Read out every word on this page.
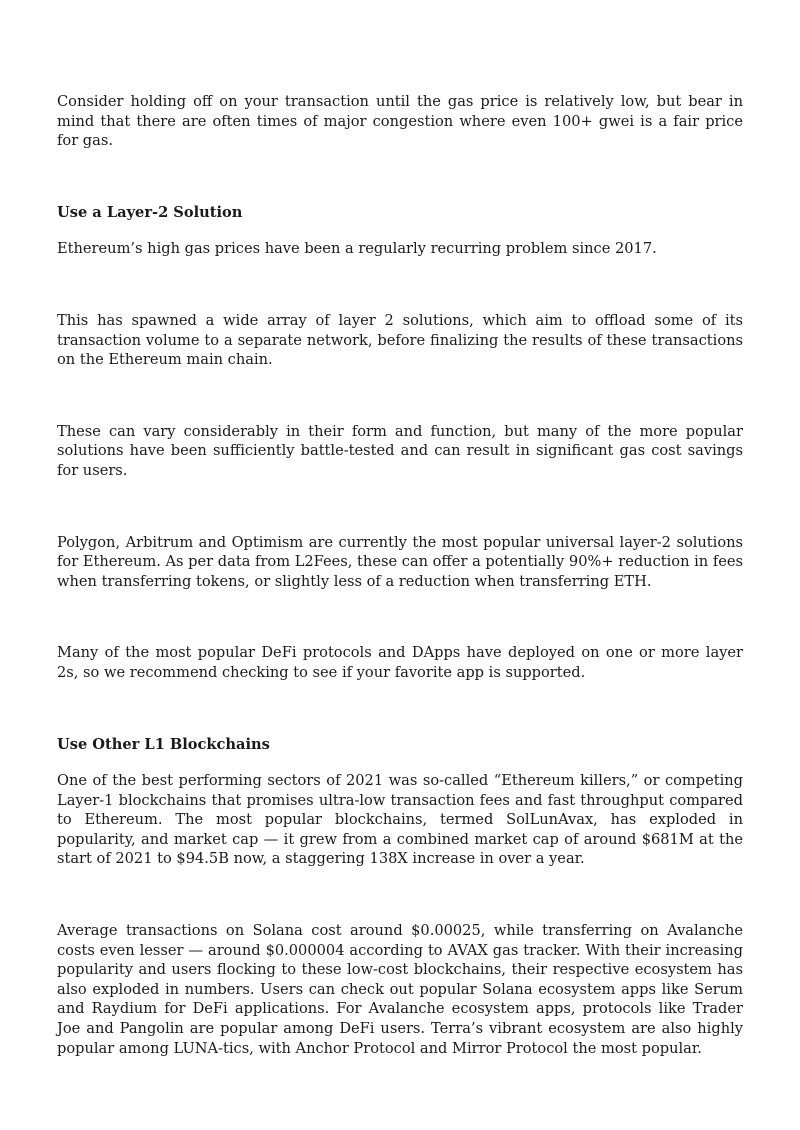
Consider holding off on your transaction until the gas price is relatively low, but bear in mind that there are often times of major congestion where even 100+ gwei is a fair price for gas.

Use a Layer-2 Solution

Ethereum’s high gas prices have been a regularly recurring problem since 2017.

This has spawned a wide array of layer 2 solutions, which aim to offload some of its transaction volume to a separate network, before finalizing the results of these transactions on the Ethereum main chain.

These can vary considerably in their form and function, but many of the more popular solutions have been sufficiently battle-tested and can result in significant gas cost savings for users.

Polygon, Arbitrum and Optimism are currently the most popular universal layer-2 solutions for Ethereum. As per data from L2Fees, these can offer a potentially 90%+ reduction in fees when transferring tokens, or slightly less of a reduction when transferring ETH.

Many of the most popular DeFi protocols and DApps have deployed on one or more layer 2s, so we recommend checking to see if your favorite app is supported.

Use Other L1 Blockchains

One of the best performing sectors of 2021 was so-called “Ethereum killers,” or competing Layer-1 blockchains that promises ultra-low transaction fees and fast throughput compared to Ethereum. The most popular blockchains, termed SolLunAvax, has exploded in popularity, and market cap — it grew from a combined market cap of around $681M at the start of 2021 to $94.5B now, a staggering 138X increase in over a year.

Average transactions on Solana cost around $0.00025, while transferring on Avalanche costs even lesser — around $0.000004 according to AVAX gas tracker. With their increasing popularity and users flocking to these low-cost blockchains, their respective ecosystem has also exploded in numbers. Users can check out popular Solana ecosystem apps like Serum and Raydium for DeFi applications. For Avalanche ecosystem apps, protocols like Trader Joe and Pangolin are popular among DeFi users. Terra’s vibrant ecosystem are also highly popular among LUNA-tics, with Anchor Protocol and Mirror Protocol the most popular.
